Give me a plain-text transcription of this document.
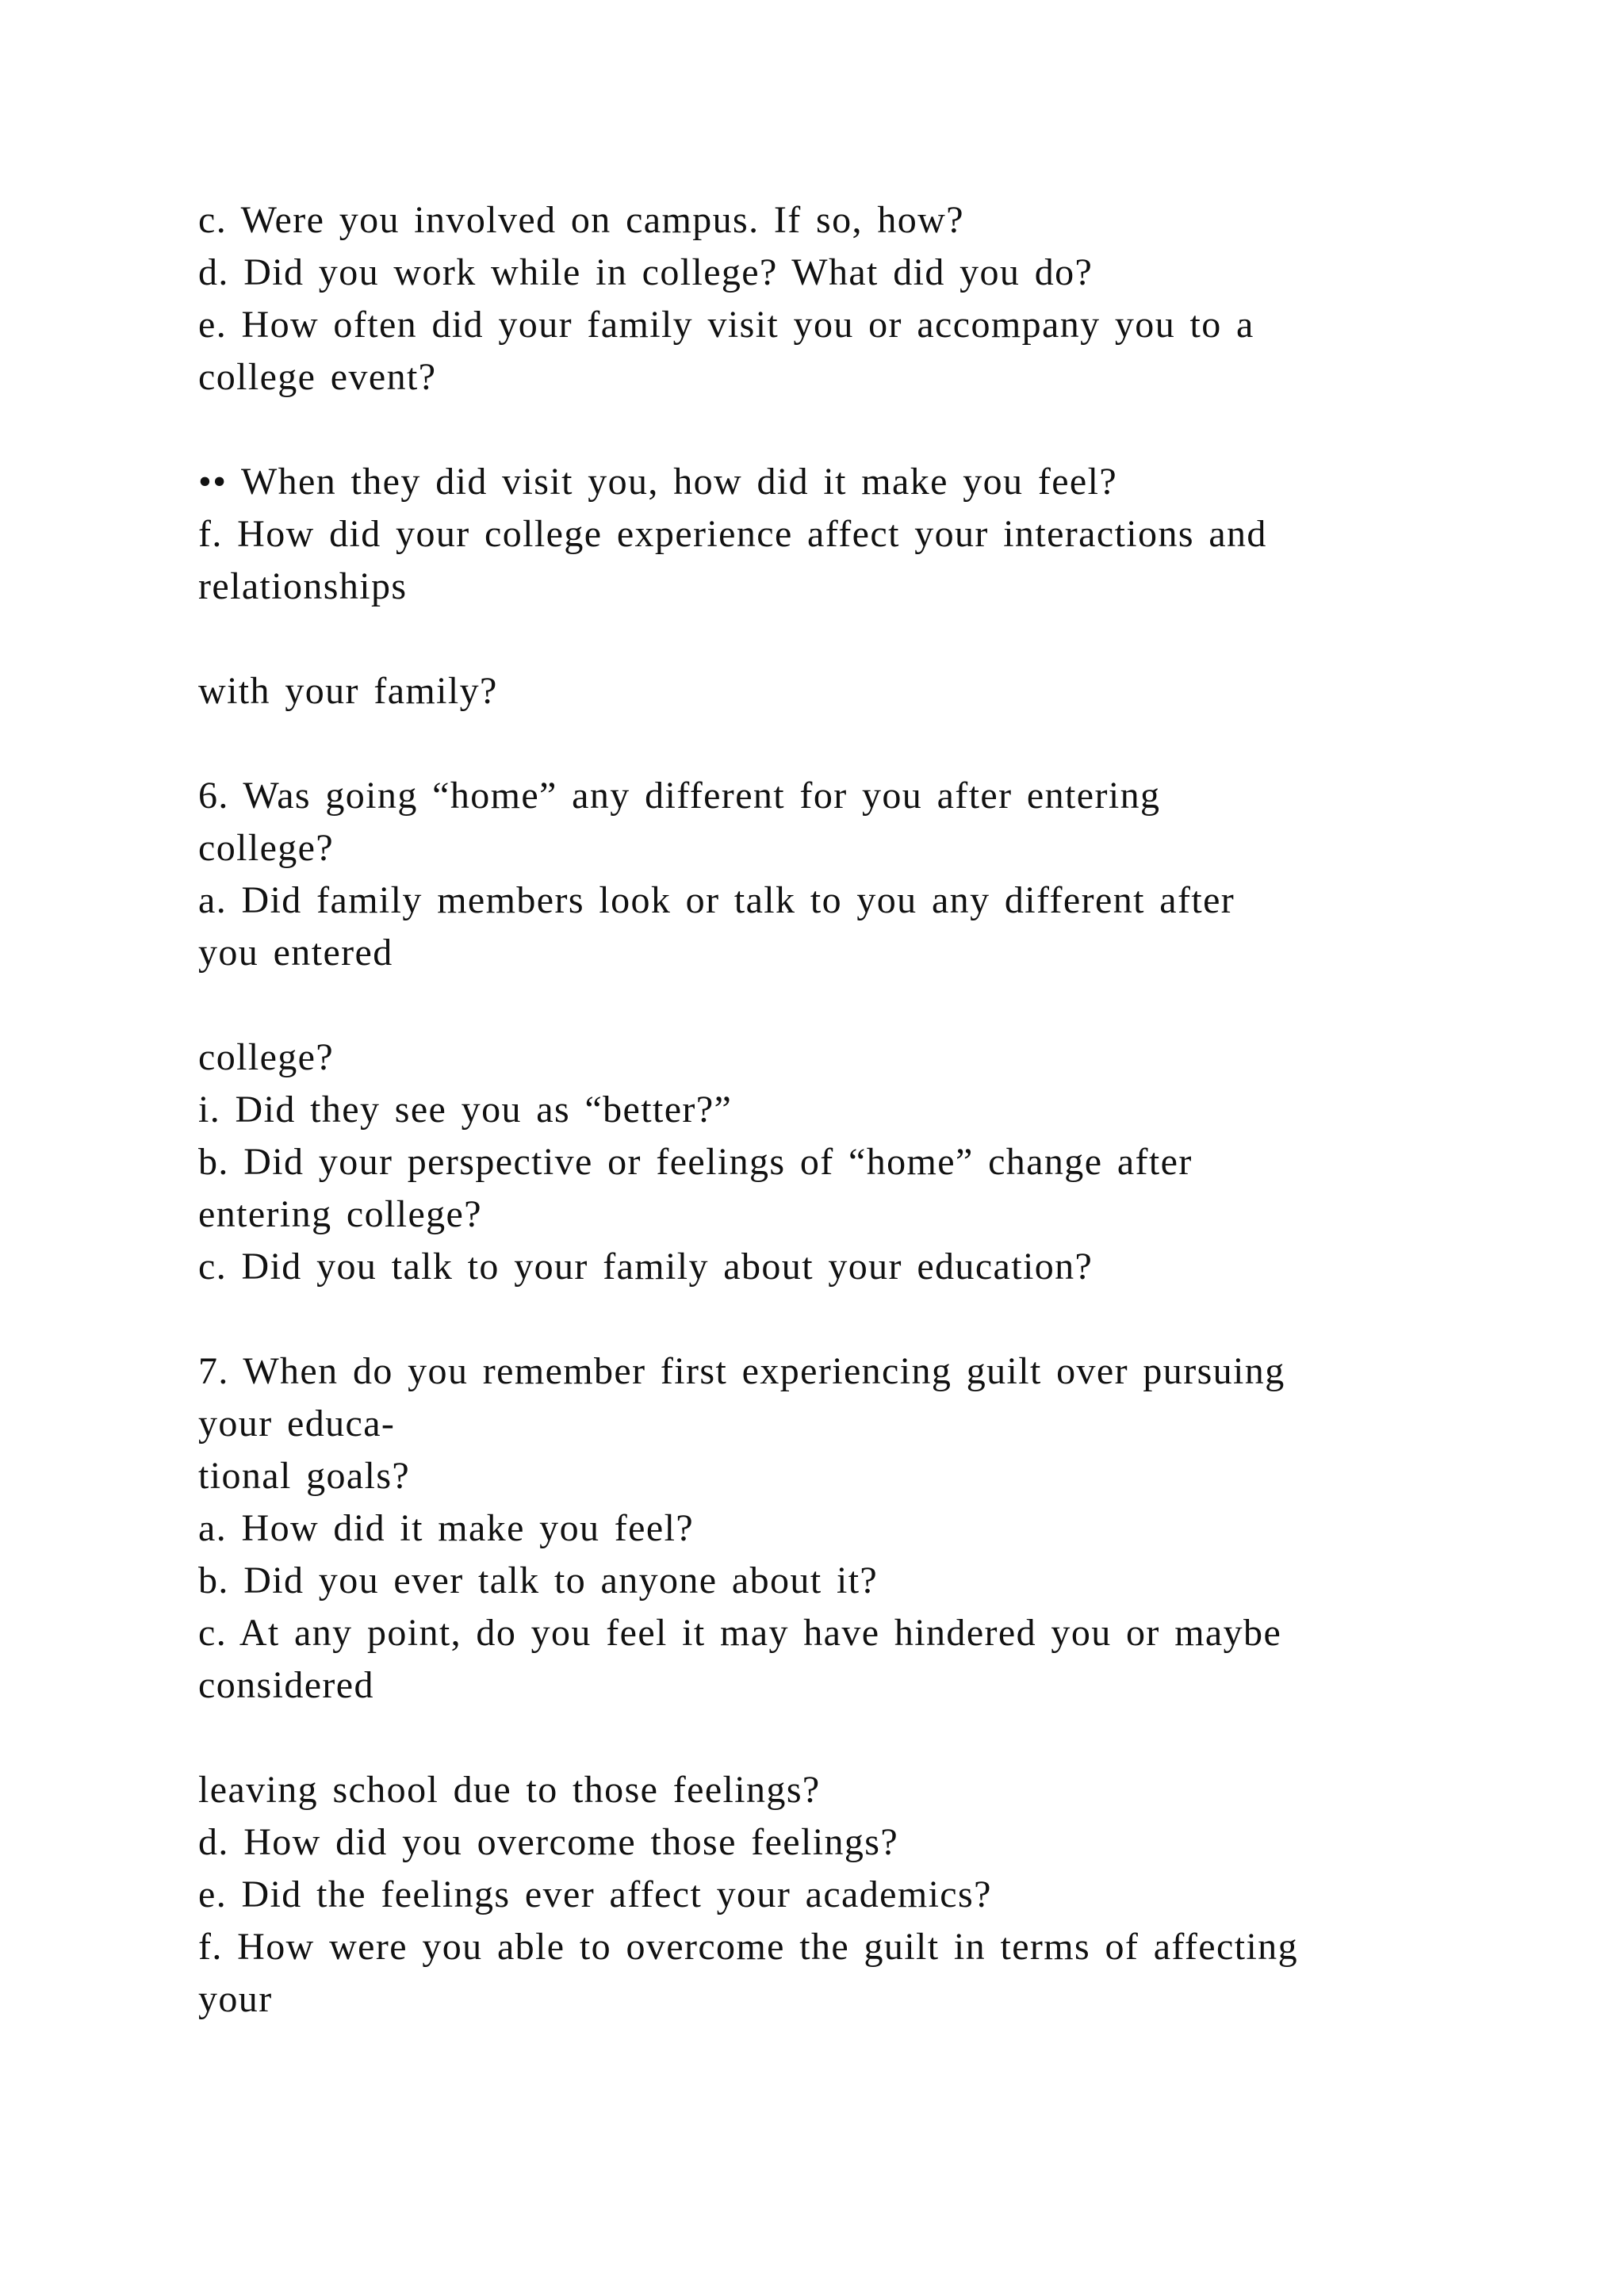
c. Were you involved on campus. If so, how?
d. Did you work while in college? What did you do?
e. How often did your family visit you or accompany you to a
college event?
•• When they did visit you, how did it make you feel?
f. How did your college experience affect your interactions and
relationships
with your family?
6. Was going “home” any different for you after entering
college?
a. Did family members look or talk to you any different after
you entered
college?
i. Did they see you as “better?”
b. Did your perspective or feelings of “home” change after
entering college?
c. Did you talk to your family about your education?
7. When do you remember first experiencing guilt over pursuing
your educa-
tional goals?
a. How did it make you feel?
b. Did you ever talk to anyone about it?
c. At any point, do you feel it may have hindered you or maybe
considered
leaving school due to those feelings?
d. How did you overcome those feelings?
e. Did the feelings ever affect your academics?
f. How were you able to overcome the guilt in terms of affecting
your
